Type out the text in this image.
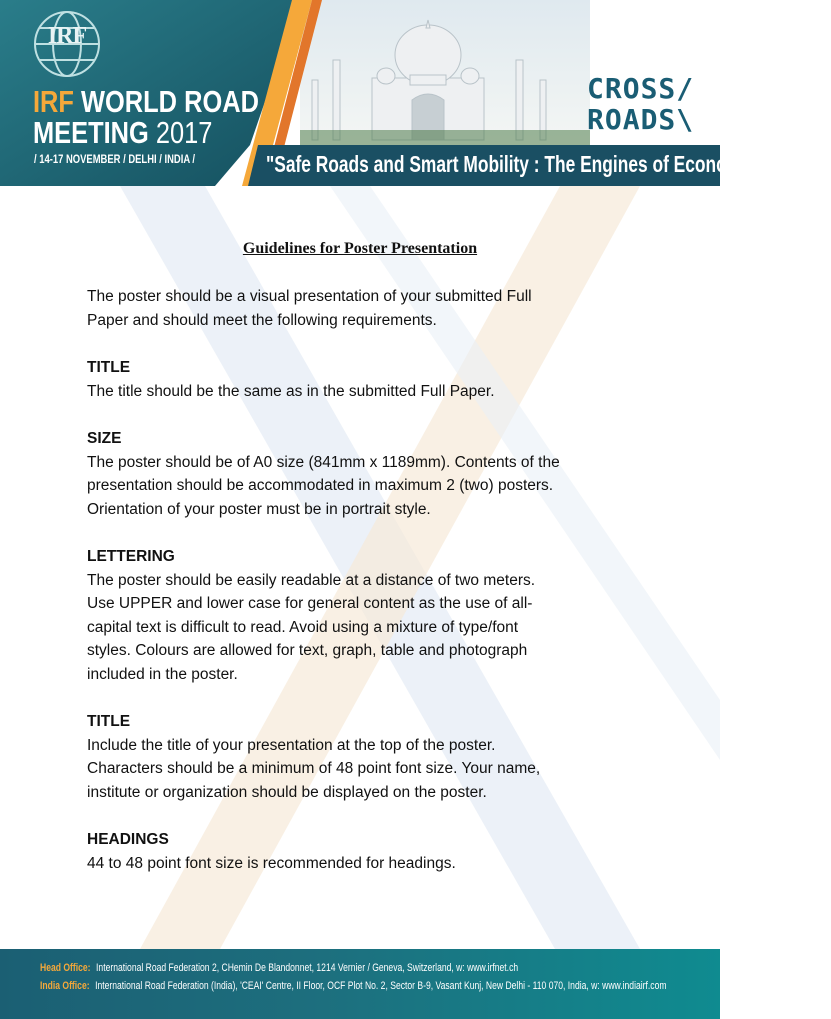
IRF
IRF WORLD ROAD
MEETING 2017
/ 14-17 NOVEMBER / DELHI / INDIA /
CROSS/
ROADS\
"Safe Roads and Smart Mobility : The Engines of Economic Growth"
Guidelines for Poster Presentation

The poster should be a visual presentation of your submitted Full
Paper and should meet the following requirements.

TITLE
The title should be the same as in the submitted Full Paper.

SIZE
The poster should be of A0 size (841mm x 1189mm). Contents of the
presentation should be accommodated in maximum 2 (two) posters.
Orientation of your poster must be in portrait style.

LETTERING
The poster should be easily readable at a distance of two meters.
Use UPPER and lower case for general content as the use of all-
capital text is difficult to read. Avoid using a mixture of type/font
styles. Colours are allowed for text, graph, table and photograph
included in the poster.

TITLE
Include the title of your presentation at the top of the poster.
Characters should be a minimum of 48 point font size. Your name,
institute or organization should be displayed on the poster.

HEADINGS
44 to 48 point font size is recommended for headings.

Head Office: International Road Federation 2, CHemin De Blandonnet, 1214 Vernier / Geneva, Switzerland, w: www.irfnet.ch
India Office: International Road Federation (India), 'CEAI' Centre, II Floor, OCF Plot No. 2, Sector B-9, Vasant Kunj, New Delhi - 110 070, India, w: www.indiairf.com
